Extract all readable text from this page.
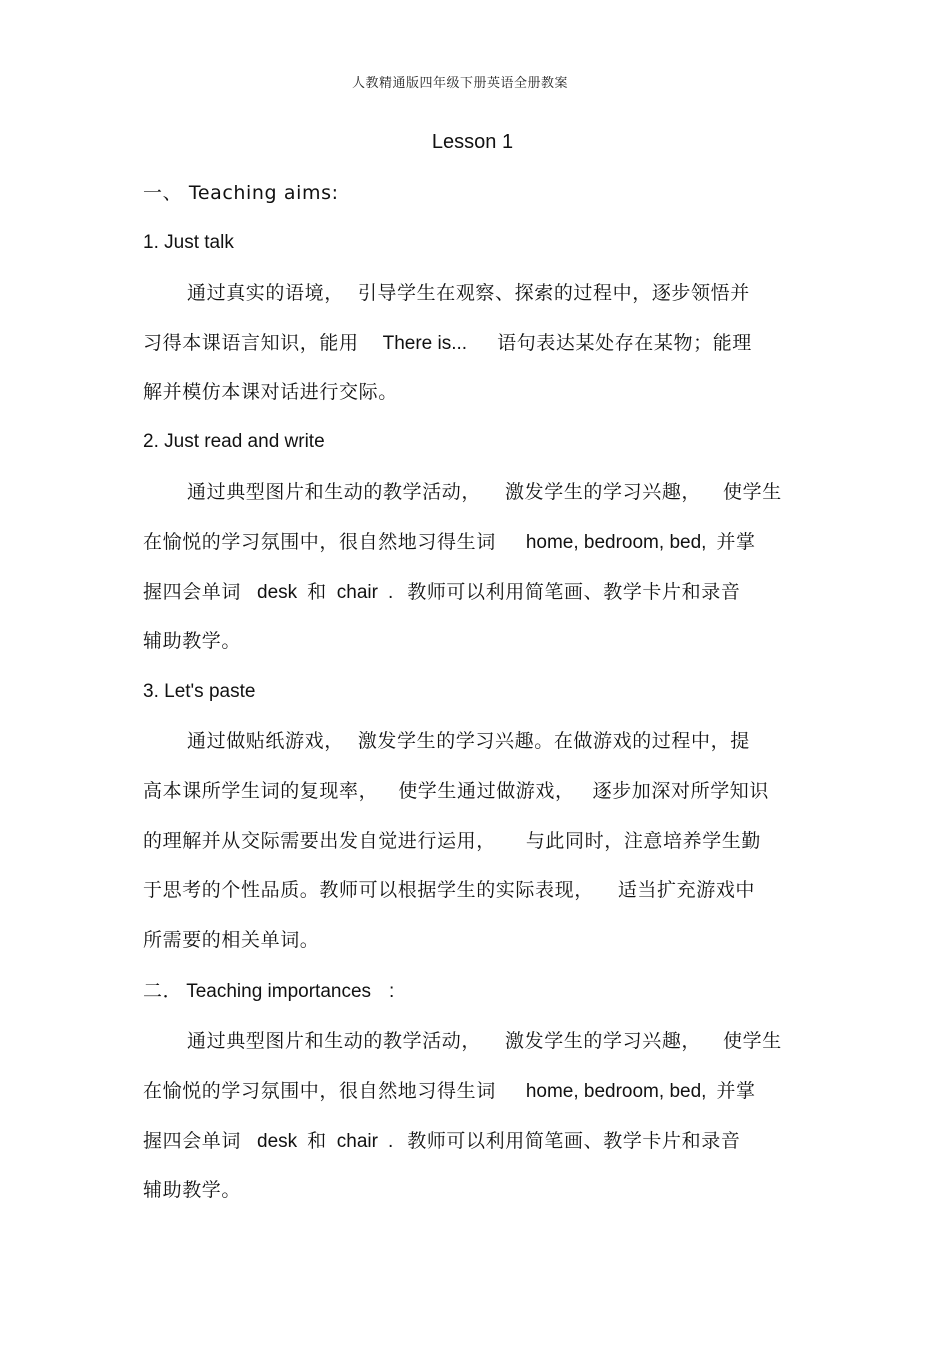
人教精通版四年级下册英语全册教案
Lesson 1
一、 Teaching aims:
1. Just talk
通过真实的语境， 引导学生在观察、探索的过程中，逐步领悟并
习得本课语言知识，能用 There is... 语句表达某处存在某物；能理
解并模仿本课对话进行交际。
2. Just read and write
通过典型图片和生动的教学活动， 激发学生的学习兴趣， 使学生
在愉悦的学习氛围中，很自然地习得生词 home, bedroom, bed, 并掌
握四会单词 desk 和 chair . 教师可以利用简笔画、教学卡片和录音
辅助教学。
3. Let's paste
通过做贴纸游戏， 激发学生的学习兴趣。在做游戏的过程中，提
高本课所学生词的复现率， 使学生通过做游戏， 逐步加深对所学知识
的理解并从交际需要出发自觉进行运用， 与此同时，注意培养学生勤
于思考的个性品质。教师可以根据学生的实际表现， 适当扩充游戏中
所需要的相关单词。
二． Teaching importances :
通过典型图片和生动的教学活动， 激发学生的学习兴趣， 使学生
在愉悦的学习氛围中，很自然地习得生词 home, bedroom, bed, 并掌
握四会单词 desk 和 chair . 教师可以利用简笔画、教学卡片和录音
辅助教学。
